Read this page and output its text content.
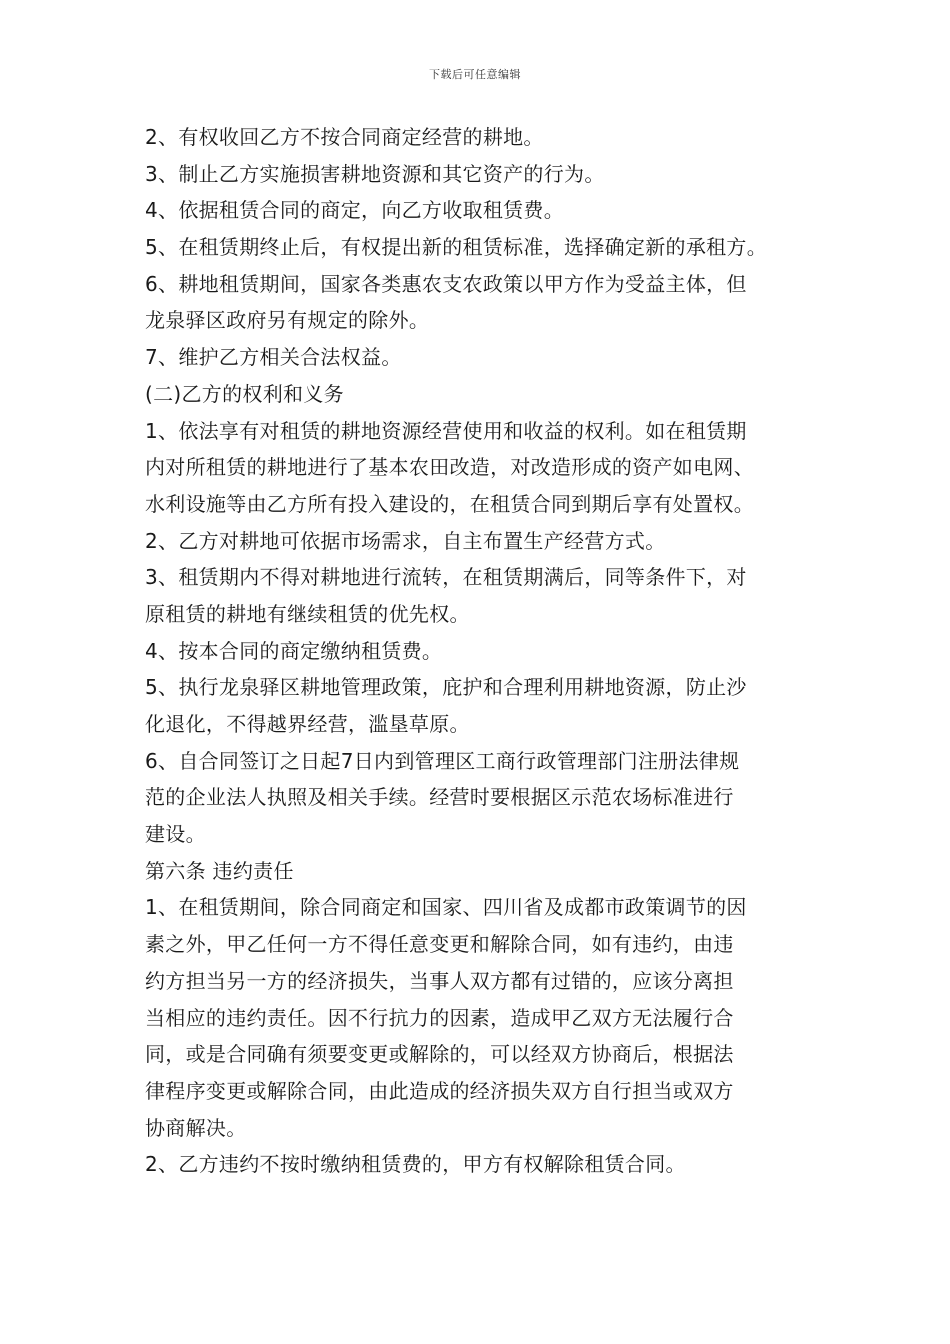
下载后可任意编辑
2、有权收回乙方不按合同商定经营的耕地。
3、制止乙方实施损害耕地资源和其它资产的行为。
4、依据租赁合同的商定，向乙方收取租赁费。
5、在租赁期终止后，有权提出新的租赁标准，选择确定新的承租方。
6、耕地租赁期间，国家各类惠农支农政策以甲方作为受益主体，但
龙泉驿区政府另有规定的除外。
7、维护乙方相关合法权益。
(二)乙方的权利和义务
1、依法享有对租赁的耕地资源经营使用和收益的权利。如在租赁期
内对所租赁的耕地进行了基本农田改造，对改造形成的资产如电网、
水利设施等由乙方所有投入建设的，在租赁合同到期后享有处置权。
2、乙方对耕地可依据市场需求，自主布置生产经营方式。
3、租赁期内不得对耕地进行流转，在租赁期满后，同等条件下，对
原租赁的耕地有继续租赁的优先权。
4、按本合同的商定缴纳租赁费。
5、执行龙泉驿区耕地管理政策，庇护和合理利用耕地资源，防止沙
化退化，不得越界经营，滥垦草原。
6、自合同签订之日起7日内到管理区工商行政管理部门注册法律规
范的企业法人执照及相关手续。经营时要根据区示范农场标准进行
建设。
第六条 违约责任
1、在租赁期间，除合同商定和国家、四川省及成都市政策调节的因
素之外，甲乙任何一方不得任意变更和解除合同，如有违约，由违
约方担当另一方的经济损失，当事人双方都有过错的，应该分离担
当相应的违约责任。因不行抗力的因素，造成甲乙双方无法履行合
同，或是合同确有须要变更或解除的，可以经双方协商后，根据法
律程序变更或解除合同，由此造成的经济损失双方自行担当或双方
协商解决。
2、乙方违约不按时缴纳租赁费的，甲方有权解除租赁合同。
